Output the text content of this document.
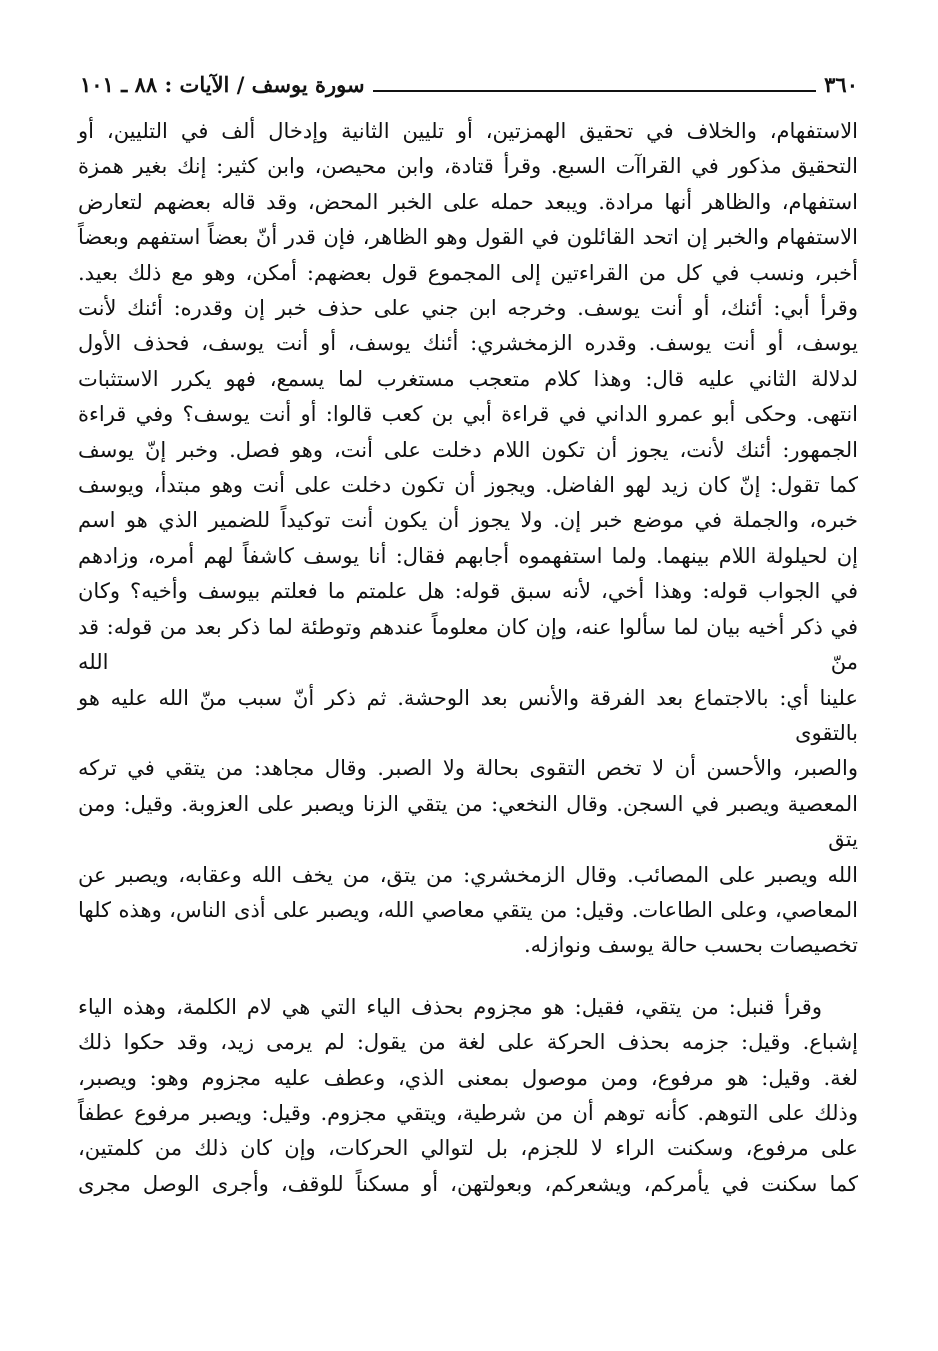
٣٦٠
سورة يوسف / الآيات : ٨٨ ـ ١٠١
الاستفهام، والخلاف في تحقيق الهمزتين، أو تليين الثانية وإدخال ألف في التليين، أو
التحقيق مذكور في القراآت السبع. وقرأ قتادة، وابن محيصن، وابن كثير: إنك بغير همزة
استفهام، والظاهر أنها مرادة. ويبعد حمله على الخبر المحض، وقد قاله بعضهم لتعارض
الاستفهام والخبر إن اتحد القائلون في القول وهو الظاهر، فإن قدر أنّ بعضاً استفهم وبعضاً
أخبر، ونسب في كل من القراءتين إلى المجموع قول بعضهم: أمكن، وهو مع ذلك بعيد.
وقرأ أبي: أئنك، أو أنت يوسف. وخرجه ابن جني على حذف خبر إن وقدره: أئنك لأنت
يوسف، أو أنت يوسف. وقدره الزمخشري: أئنك يوسف، أو أنت يوسف، فحذف الأول
لدلالة الثاني عليه قال: وهذا كلام متعجب مستغرب لما يسمع، فهو يكرر الاستثبات
انتهى. وحكى أبو عمرو الداني في قراءة أبي بن كعب قالوا: أو أنت يوسف؟ وفي قراءة
الجمهور: أئنك لأنت، يجوز أن تكون اللام دخلت على أنت، وهو فصل. وخبر إنّ يوسف
كما تقول: إنّ كان زيد لهو الفاضل. ويجوز أن تكون دخلت على أنت وهو مبتدأ، ويوسف
خبره، والجملة في موضع خبر إن. ولا يجوز أن يكون أنت توكيداً للضمير الذي هو اسم
إن لحيلولة اللام بينهما. ولما استفهموه أجابهم فقال: أنا يوسف كاشفاً لهم أمره، وزادهم
في الجواب قوله: وهذا أخي، لأنه سبق قوله: هل علمتم ما فعلتم بيوسف وأخيه؟ وكان
في ذكر أخيه بيان لما سألوا عنه، وإن كان معلوماً عندهم وتوطئة لما ذكر بعد من قوله: قد منّ الله
علينا أي: بالاجتماع بعد الفرقة والأنس بعد الوحشة. ثم ذكر أنّ سبب منّ الله عليه هو بالتقوى
والصبر، والأحسن أن لا تخص التقوى بحالة ولا الصبر. وقال مجاهد: من يتقي في تركه
المعصية ويصبر في السجن. وقال النخعي: من يتقي الزنا ويصبر على العزوبة. وقيل: ومن يتق
الله ويصبر على المصائب. وقال الزمخشري: من يتق، من يخف الله وعقابه، ويصبر عن
المعاصي، وعلى الطاعات. وقيل: من يتقي معاصي الله، ويصبر على أذى الناس، وهذه كلها
تخصيصات بحسب حالة يوسف ونوازله.
وقرأ قنبل: من يتقي، فقيل: هو مجزوم بحذف الياء التي هي لام الكلمة، وهذه الياء
إشباع. وقيل: جزمه بحذف الحركة على لغة من يقول: لم يرمى زيد، وقد حكوا ذلك
لغة. وقيل: هو مرفوع، ومن موصول بمعنى الذي، وعطف عليه مجزوم وهو: ويصبر،
وذلك على التوهم. كأنه توهم أن من شرطية، ويتقي مجزوم. وقيل: ويصبر مرفوع عطفاً
على مرفوع، وسكنت الراء لا للجزم، بل لتوالي الحركات، وإن كان ذلك من كلمتين،
كما سكنت في يأمركم، ويشعركم، وبعولتهن، أو مسكناً للوقف، وأجرى الوصل مجرى
